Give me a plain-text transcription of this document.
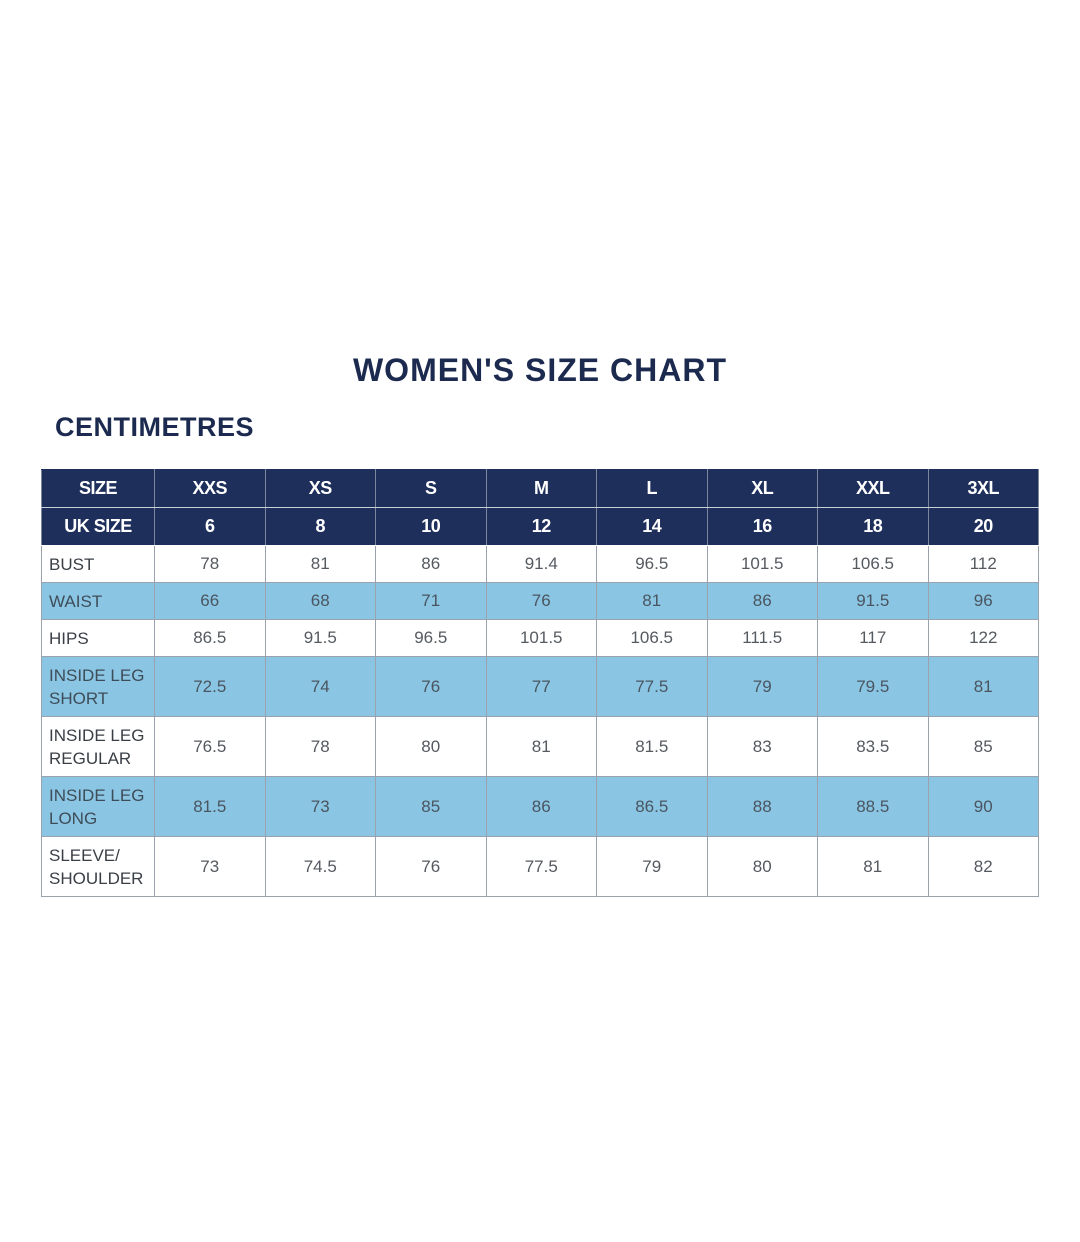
WOMEN'S SIZE CHART
CENTIMETRES
SIZE	XXS	XS	S	M	L	XL	XXL	3XL
UK SIZE	6	8	10	12	14	16	18	20
BUST	78	81	86	91.4	96.5	101.5	106.5	112
WAIST	66	68	71	76	81	86	91.5	96
HIPS	86.5	91.5	96.5	101.5	106.5	111.5	117	122
INSIDE LEG
SHORT	72.5	74	76	77	77.5	79	79.5	81
INSIDE LEG
REGULAR	76.5	78	80	81	81.5	83	83.5	85
INSIDE LEG
LONG	81.5	73	85	86	86.5	88	88.5	90
SLEEVE/
SHOULDER	73	74.5	76	77.5	79	80	81	82
